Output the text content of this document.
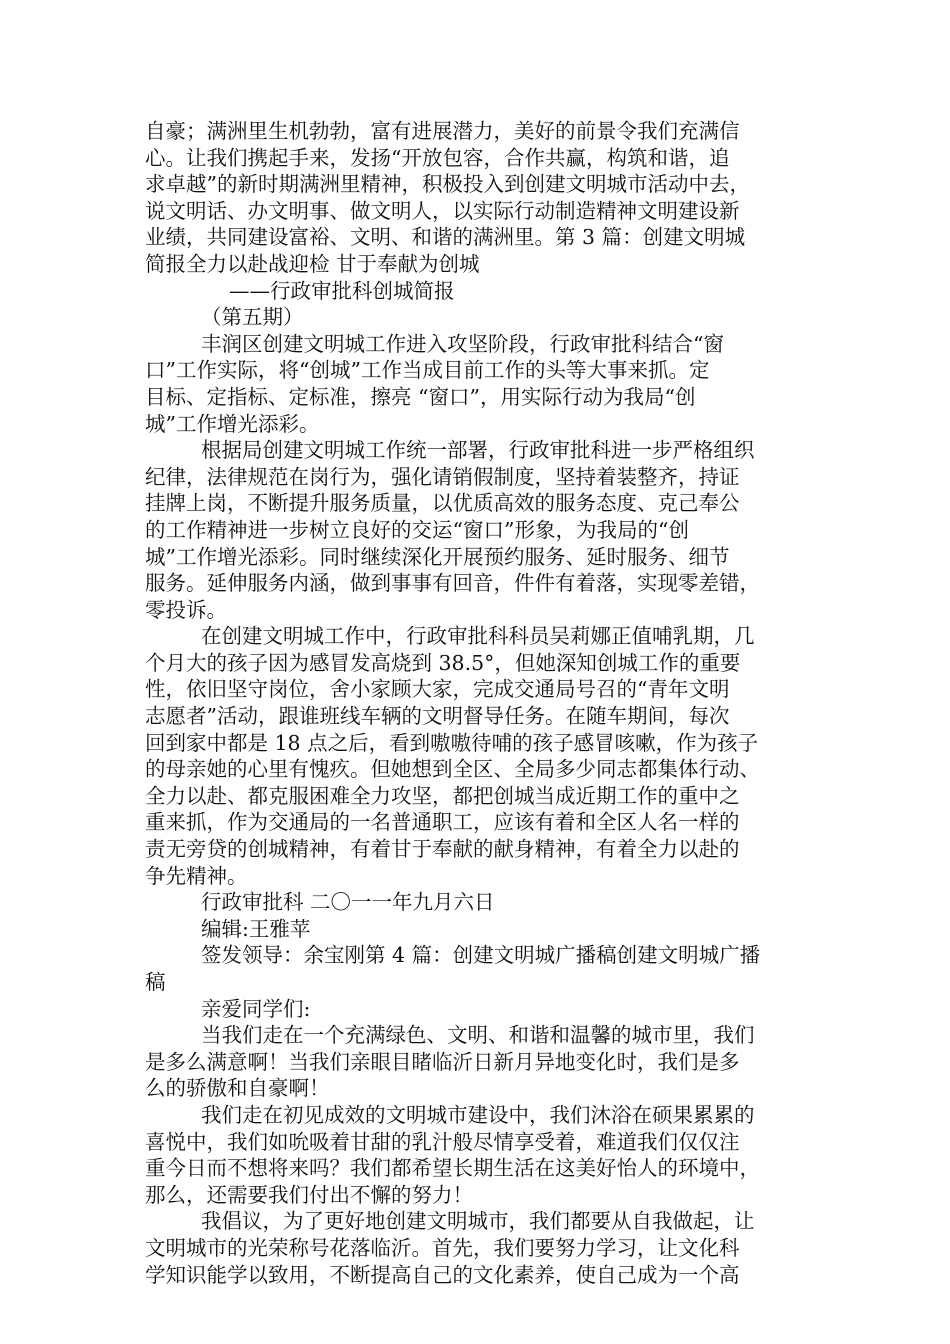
自豪；满洲里生机勃勃，富有进展潜力，美好的前景令我们充满信
心。让我们携起手来，发扬“开放包容，合作共赢，构筑和谐，追
求卓越”的新时期满洲里精神，积极投入到创建文明城市活动中去，
说文明话、办文明事、做文明人，以实际行动制造精神文明建设新
业绩，共同建设富裕、文明、和谐的满洲里。第 3 篇：创建文明城
简报全力以赴战迎检 甘于奉献为创城
——行政审批科创城简报
（第五期）
丰润区创建文明城工作进入攻坚阶段，行政审批科结合“窗
口”工作实际，将“创城”工作当成目前工作的头等大事来抓。定
目标、定指标、定标准，擦亮 “窗口”，用实际行动为我局“创
城”工作增光添彩。
根据局创建文明城工作统一部署，行政审批科进一步严格组织
纪律，法律规范在岗行为，强化请销假制度，坚持着装整齐，持证
挂牌上岗，不断提升服务质量，以优质高效的服务态度、克己奉公
的工作精神进一步树立良好的交运“窗口”形象，为我局的“创
城”工作增光添彩。同时继续深化开展预约服务、延时服务、细节
服务。延伸服务内涵，做到事事有回音，件件有着落，实现零差错，
零投诉。
在创建文明城工作中，行政审批科科员吴莉娜正值哺乳期，几
个月大的孩子因为感冒发高烧到 38.5°，但她深知创城工作的重要
性，依旧坚守岗位，舍小家顾大家，完成交通局号召的“青年文明
志愿者”活动，跟谁班线车辆的文明督导任务。在随车期间，每次
回到家中都是 18 点之后，看到嗷嗷待哺的孩子感冒咳嗽，作为孩子
的母亲她的心里有愧疚。但她想到全区、全局多少同志都集体行动、
全力以赴、都克服困难全力攻坚，都把创城当成近期工作的重中之
重来抓，作为交通局的一名普通职工，应该有着和全区人名一样的
责无旁贷的创城精神，有着甘于奉献的献身精神，有着全力以赴的
争先精神。
行政审批科 二〇一一年九月六日
编辑:王雅苹
签发领导：余宝刚第 4 篇：创建文明城广播稿创建文明城广播
稿
亲爱同学们:
当我们走在一个充满绿色、文明、和谐和温馨的城市里，我们
是多么满意啊！当我们亲眼目睹临沂日新月异地变化时，我们是多
么的骄傲和自豪啊！
我们走在初见成效的文明城市建设中，我们沐浴在硕果累累的
喜悦中，我们如吮吸着甘甜的乳汁般尽情享受着，难道我们仅仅注
重今日而不想将来吗？我们都希望长期生活在这美好怡人的环境中，
那么，还需要我们付出不懈的努力！
我倡议，为了更好地创建文明城市，我们都要从自我做起，让
文明城市的光荣称号花落临沂。首先，我们要努力学习，让文化科
学知识能学以致用，不断提高自己的文化素养，使自己成为一个高
